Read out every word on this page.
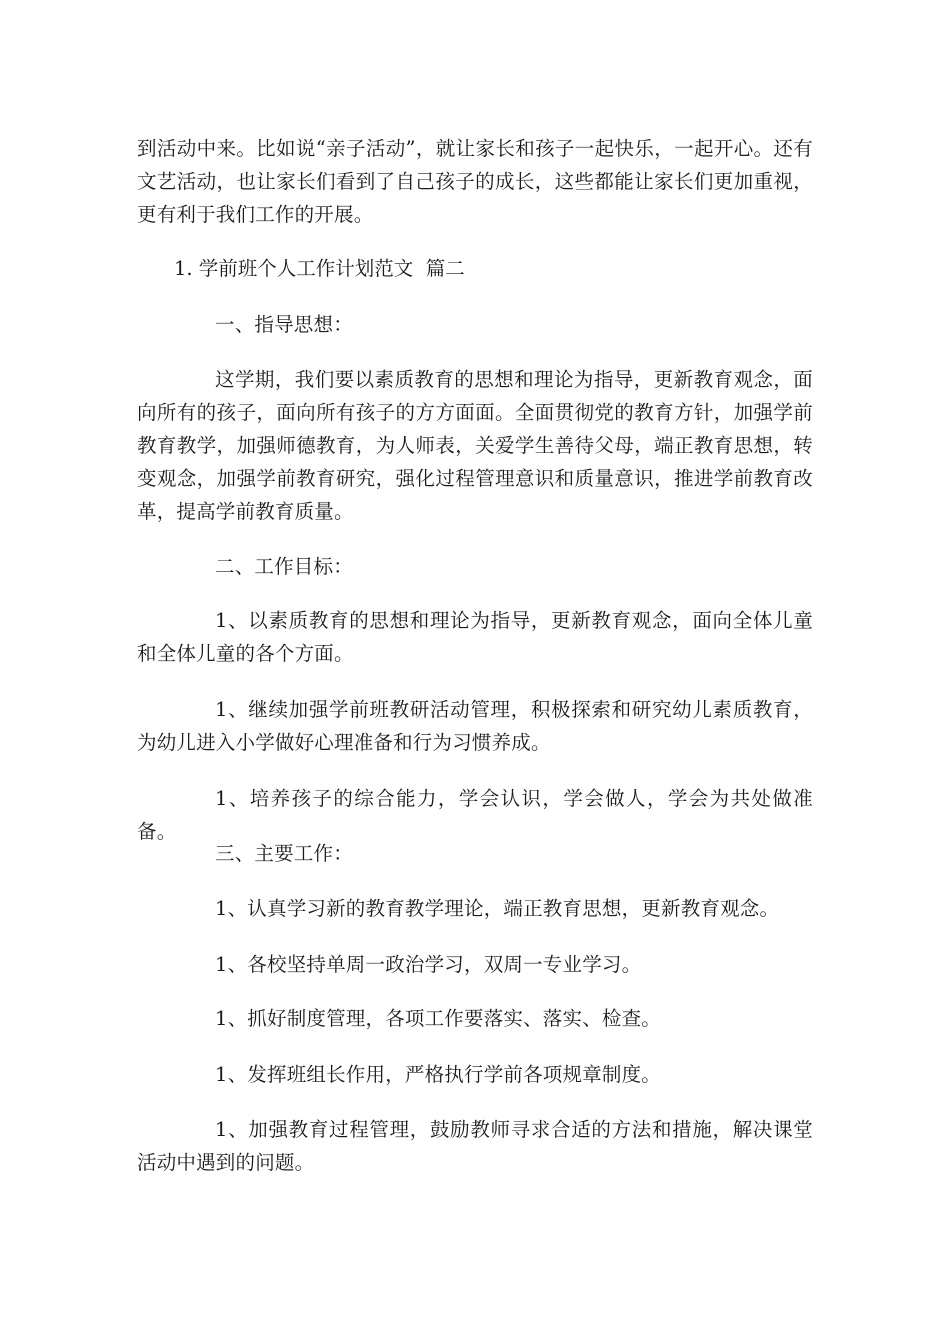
到活动中来。比如说“亲子活动”，就让家长和孩子一起快乐，一起开心。还有文艺活动，也让家长们看到了自己孩子的成长，这些都能让家长们更加重视，更有利于我们工作的开展。

1. 学前班个人工作计划范文  篇二

一、指导思想：

这学期，我们要以素质教育的思想和理论为指导，更新教育观念，面向所有的孩子，面向所有孩子的方方面面。全面贯彻党的教育方针，加强学前教育教学，加强师德教育，为人师表，关爱学生善待父母，端正教育思想，转变观念，加强学前教育研究，强化过程管理意识和质量意识，推进学前教育改革，提高学前教育质量。

二、工作目标：

1、以素质教育的思想和理论为指导，更新教育观念，面向全体儿童和全体儿童的各个方面。

1、继续加强学前班教研活动管理，积极探索和研究幼儿素质教育，为幼儿进入小学做好心理准备和行为习惯养成。

1、培养孩子的综合能力，学会认识，学会做人，学会为共处做准备。

三、主要工作：

1、认真学习新的教育教学理论，端正教育思想，更新教育观念。

1、各校坚持单周一政治学习，双周一专业学习。

1、抓好制度管理，各项工作要落实、落实、检查。

1、发挥班组长作用，严格执行学前各项规章制度。

1、加强教育过程管理，鼓励教师寻求合适的方法和措施，解决课堂活动中遇到的问题。
